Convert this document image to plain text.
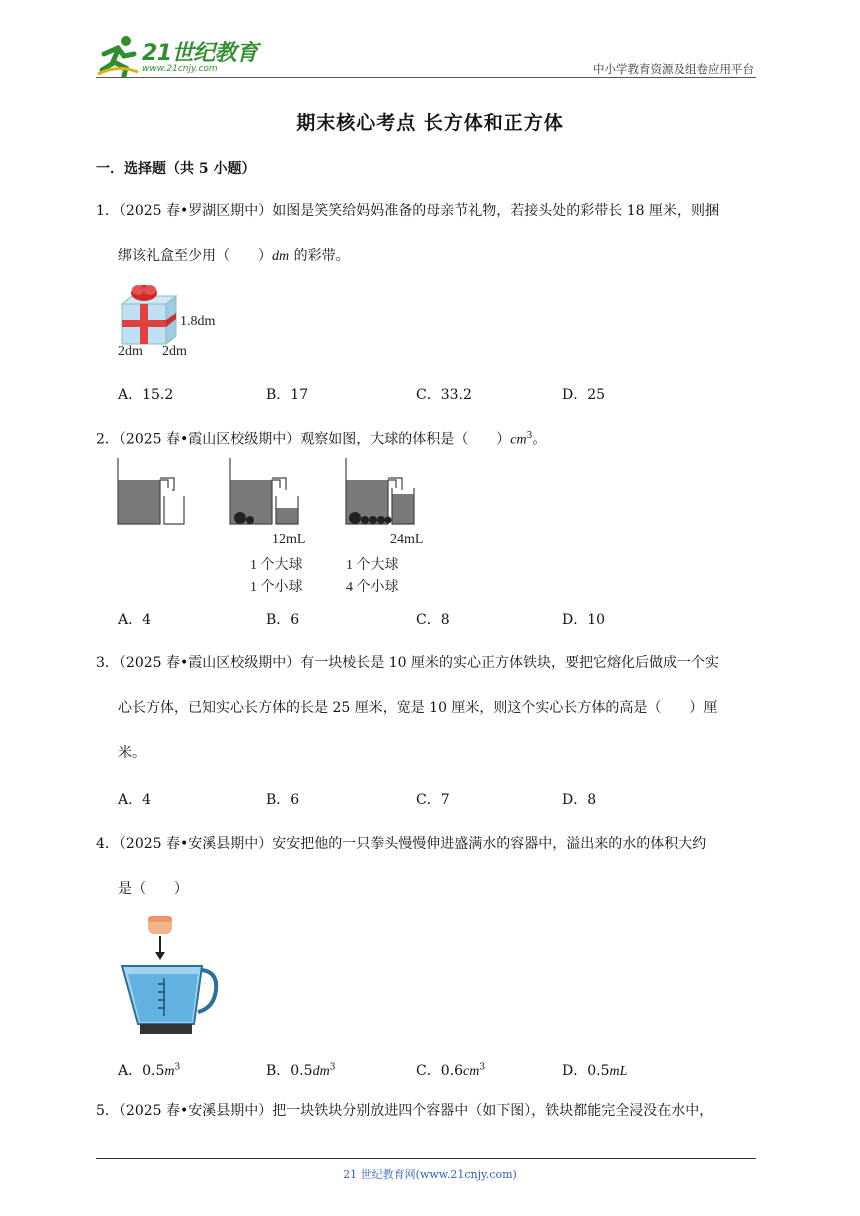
21世纪教育
www.21cnjy.com	中小学教育资源及组卷应用平台
期末核心考点 长方体和正方体
一．选择题（共 5 小题）
1．（2025 春•罗湖区期中）如图是笑笑给妈妈准备的母亲节礼物，若接头处的彩带长 18 厘米，则捆
绑该礼盒至少用（　　）dm 的彩带。
1.8dm
2dm 2dm
A．15.2	B．17	C．33.2	D．25
2．（2025 春•霞山区校级期中）观察如图，大球的体积是（　　）$cm^3$。
12mL
1 个大球
1 个小球
24mL
1 个大球
4 个小球
A．4	B．6	C．8	D．10
3．（2025 春•霞山区校级期中）有一块棱长是 10 厘米的实心正方体铁块，要把它熔化后做成一个实
心长方体，已知实心长方体的长是 25 厘米，宽是 10 厘米，则这个实心长方体的高是（　　）厘
米。
A．4	B．6	C．7	D．8
4．（2025 春•安溪县期中）安安把他的一只拳头慢慢伸进盛满水的容器中，溢出来的水的体积大约
是（　　）
A．$0.5m^3$	B．$0.5dm^3$	C．$0.6cm^3$	D．0.5mL
5．（2025 春•安溪县期中）把一块铁块分别放进四个容器中（如下图），铁块都能完全浸没在水中，
21 世纪教育网(www.21cnjy.com)
